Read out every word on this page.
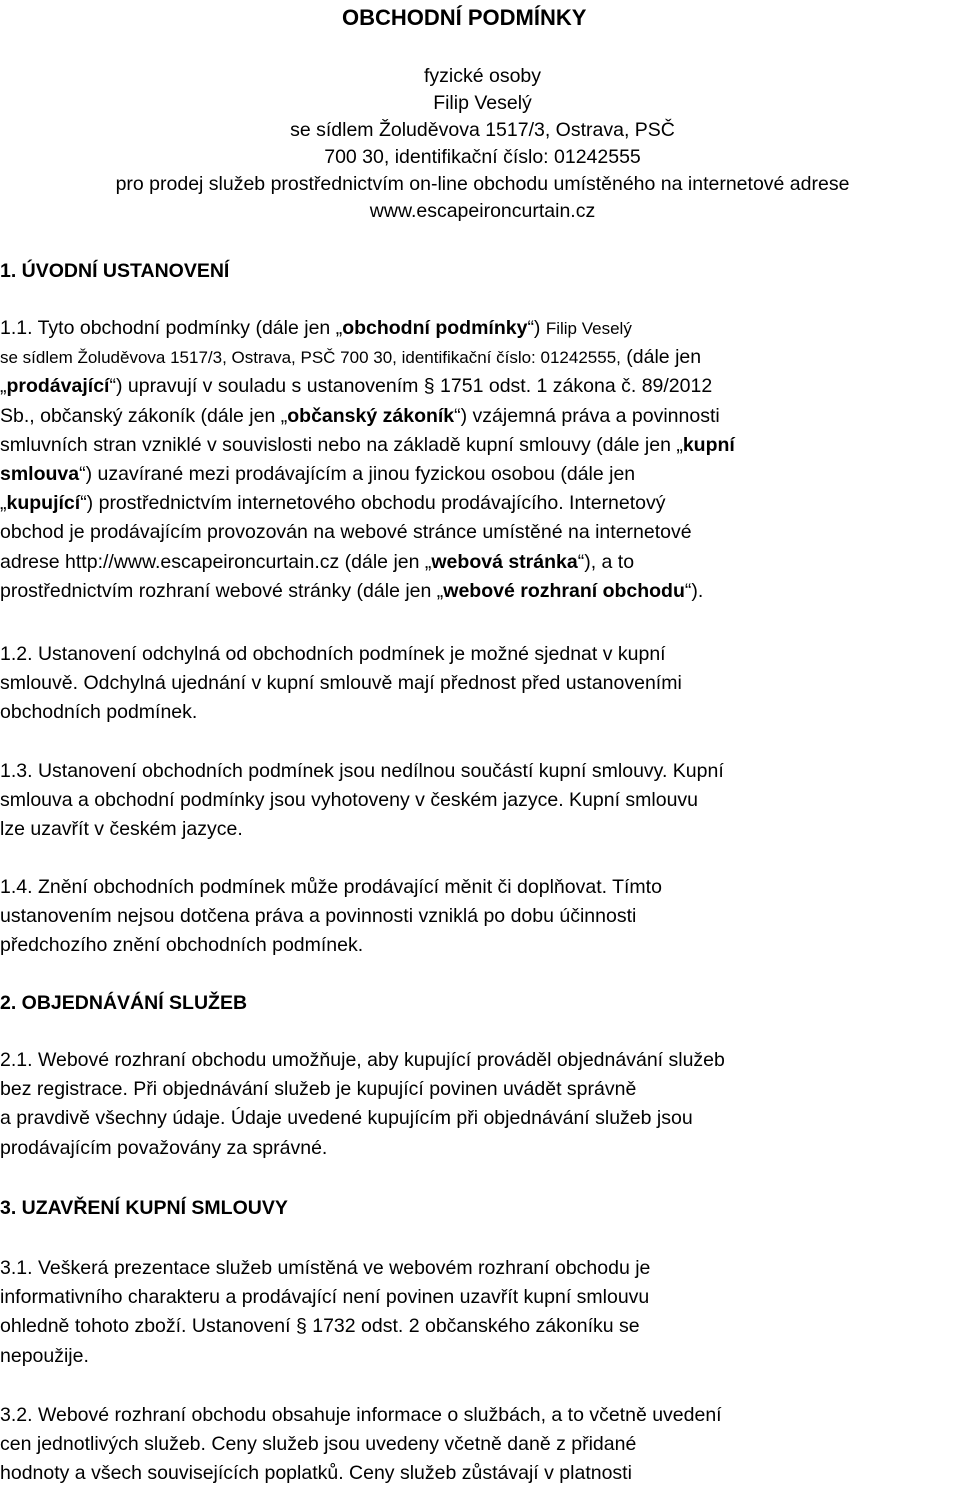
OBCHODNÍ PODMÍNKY
fyzické osoby
Filip Veselý
se sídlem Žoluděvova 1517/3, Ostrava, PSČ
700 30, identifikační číslo: 01242555
pro prodej služeb prostřednictvím on-line obchodu umístěného na internetové adrese
www.escapeironcurtain.cz
1. ÚVODNÍ USTANOVENÍ
1.1. Tyto obchodní podmínky (dále jen „obchodní podmínky“) Filip Veselý
se sídlem Žoluděvova 1517/3, Ostrava, PSČ 700 30, identifikační číslo: 01242555, (dále jen
„prodávající“) upravují v souladu s ustanovením § 1751 odst. 1 zákona č. 89/2012
Sb., občanský zákoník (dále jen „občanský zákoník“) vzájemná práva a povinnosti
smluvních stran vzniklé v souvislosti nebo na základě kupní smlouvy (dále jen „kupní
smlouva“) uzavírané mezi prodávajícím a jinou fyzickou osobou (dále jen
„kupující“) prostřednictvím internetového obchodu prodávajícího. Internetový
obchod je prodávajícím provozován na webové stránce umístěné na internetové
adrese http://www.escapeironcurtain.cz (dále jen „webová stránka“), a to
prostřednictvím rozhraní webové stránky (dále jen „webové rozhraní obchodu“).
1.2. Ustanovení odchylná od obchodních podmínek je možné sjednat v kupní
smlouvě. Odchylná ujednání v kupní smlouvě mají přednost před ustanoveními
obchodních podmínek.
1.3. Ustanovení obchodních podmínek jsou nedílnou součástí kupní smlouvy. Kupní
smlouva a obchodní podmínky jsou vyhotoveny v českém jazyce. Kupní smlouvu
lze uzavřít v českém jazyce.
1.4. Znění obchodních podmínek může prodávající měnit či doplňovat. Tímto
ustanovením nejsou dotčena práva a povinnosti vzniklá po dobu účinnosti
předchozího znění obchodních podmínek.
2. OBJEDNÁVÁNÍ SLUŽEB
2.1. Webové rozhraní obchodu umožňuje, aby kupující prováděl objednávání služeb
bez registrace. Při objednávání služeb je kupující povinen uvádět správně
a pravdivě všechny údaje. Údaje uvedené kupujícím při objednávání služeb jsou
prodávajícím považovány za správné.
3. UZAVŘENÍ KUPNÍ SMLOUVY
3.1. Veškerá prezentace služeb umístěná ve webovém rozhraní obchodu je
informativního charakteru a prodávající není povinen uzavřít kupní smlouvu
ohledně tohoto zboží. Ustanovení § 1732 odst. 2 občanského zákoníku se
nepoužije.
3.2. Webové rozhraní obchodu obsahuje informace o službách, a to včetně uvedení
cen jednotlivých služeb. Ceny služeb jsou uvedeny včetně daně z přidané
hodnoty a všech souvisejících poplatků. Ceny služeb zůstávají v platnosti
